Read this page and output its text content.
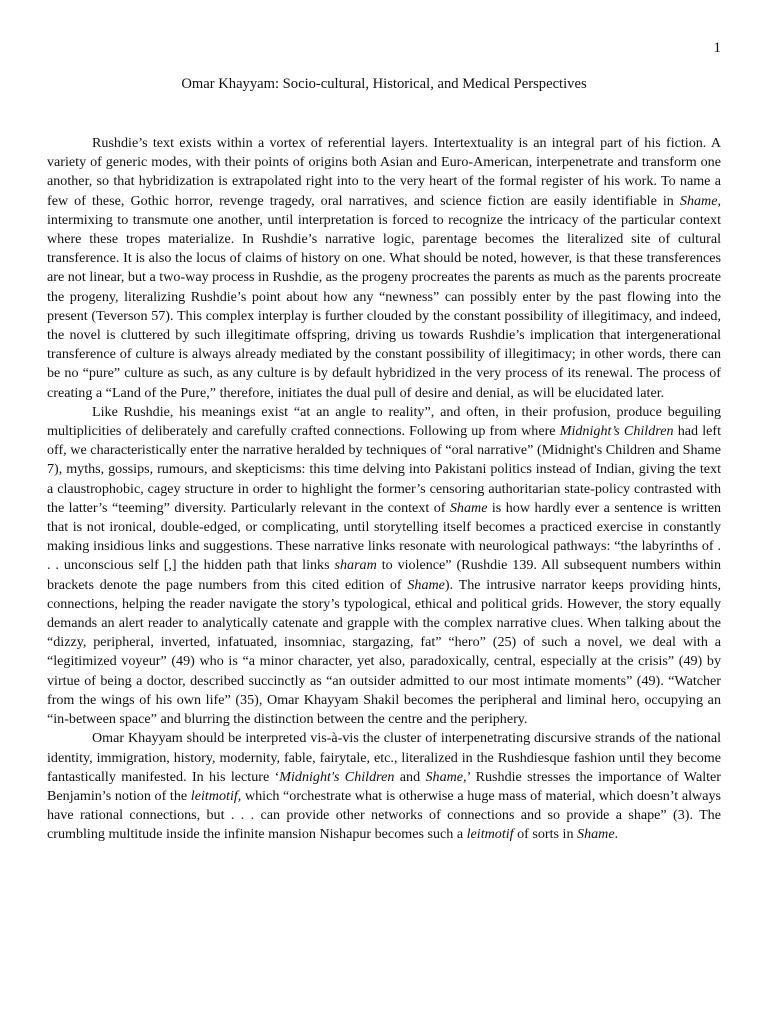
1
Omar Khayyam: Socio-cultural, Historical, and Medical Perspectives

Rushdie’s text exists within a vortex of referential layers. Intertextuality is an integral part of his fiction. A variety of generic modes, with their points of origins both Asian and Euro-American, interpenetrate and transform one another, so that hybridization is extrapolated right into to the very heart of the formal register of his work. To name a few of these, Gothic horror, revenge tragedy, oral narratives, and science fiction are easily identifiable in Shame, intermixing to transmute one another, until interpretation is forced to recognize the intricacy of the particular context where these tropes materialize. In Rushdie’s narrative logic, parentage becomes the literalized site of cultural transference. It is also the locus of claims of history on one. What should be noted, however, is that these transferences are not linear, but a two-way process in Rushdie, as the progeny procreates the parents as much as the parents procreate the progeny, literalizing Rushdie’s point about how any “newness” can possibly enter by the past flowing into the present (Teverson 57). This complex interplay is further clouded by the constant possibility of illegitimacy, and indeed, the novel is cluttered by such illegitimate offspring, driving us towards Rushdie’s implication that intergenerational transference of culture is always already mediated by the constant possibility of illegitimacy; in other words, there can be no “pure” culture as such, as any culture is by default hybridized in the very process of its renewal. The process of creating a “Land of the Pure,” therefore, initiates the dual pull of desire and denial, as will be elucidated later.

Like Rushdie, his meanings exist “at an angle to reality”, and often, in their profusion, produce beguiling multiplicities of deliberately and carefully crafted connections. Following up from where Midnight’s Children had left off, we characteristically enter the narrative heralded by techniques of “oral narrative” (Midnight's Children and Shame 7), myths, gossips, rumours, and skepticisms: this time delving into Pakistani politics instead of Indian, giving the text a claustrophobic, cagey structure in order to highlight the former’s censoring authoritarian state-policy contrasted with the latter’s “teeming” diversity. Particularly relevant in the context of Shame is how hardly ever a sentence is written that is not ironical, double-edged, or complicating, until storytelling itself becomes a practiced exercise in constantly making insidious links and suggestions. These narrative links resonate with neurological pathways: “the labyrinths of . . . unconscious self [,] the hidden path that links sharam to violence” (Rushdie 139. All subsequent numbers within brackets denote the page numbers from this cited edition of Shame). The intrusive narrator keeps providing hints, connections, helping the reader navigate the story’s typological, ethical and political grids. However, the story equally demands an alert reader to analytically catenate and grapple with the complex narrative clues. When talking about the “dizzy, peripheral, inverted, infatuated, insomniac, stargazing, fat” “hero” (25) of such a novel, we deal with a “legitimized voyeur” (49) who is “a minor character, yet also, paradoxically, central, especially at the crisis” (49) by virtue of being a doctor, described succinctly as “an outsider admitted to our most intimate moments” (49). “Watcher from the wings of his own life” (35), Omar Khayyam Shakil becomes the peripheral and liminal hero, occupying an “in-between space” and blurring the distinction between the centre and the periphery.

Omar Khayyam should be interpreted vis-à-vis the cluster of interpenetrating discursive strands of the national identity, immigration, history, modernity, fable, fairytale, etc., literalized in the Rushdiesque fashion until they become fantastically manifested. In his lecture ‘Midnight's Children and Shame,’ Rushdie stresses the importance of Walter Benjamin’s notion of the leitmotif, which “orchestrate what is otherwise a huge mass of material, which doesn’t always have rational connections, but . . . can provide other networks of connections and so provide a shape” (3). The crumbling multitude inside the infinite mansion Nishapur becomes such a leitmotif of sorts in Shame.
